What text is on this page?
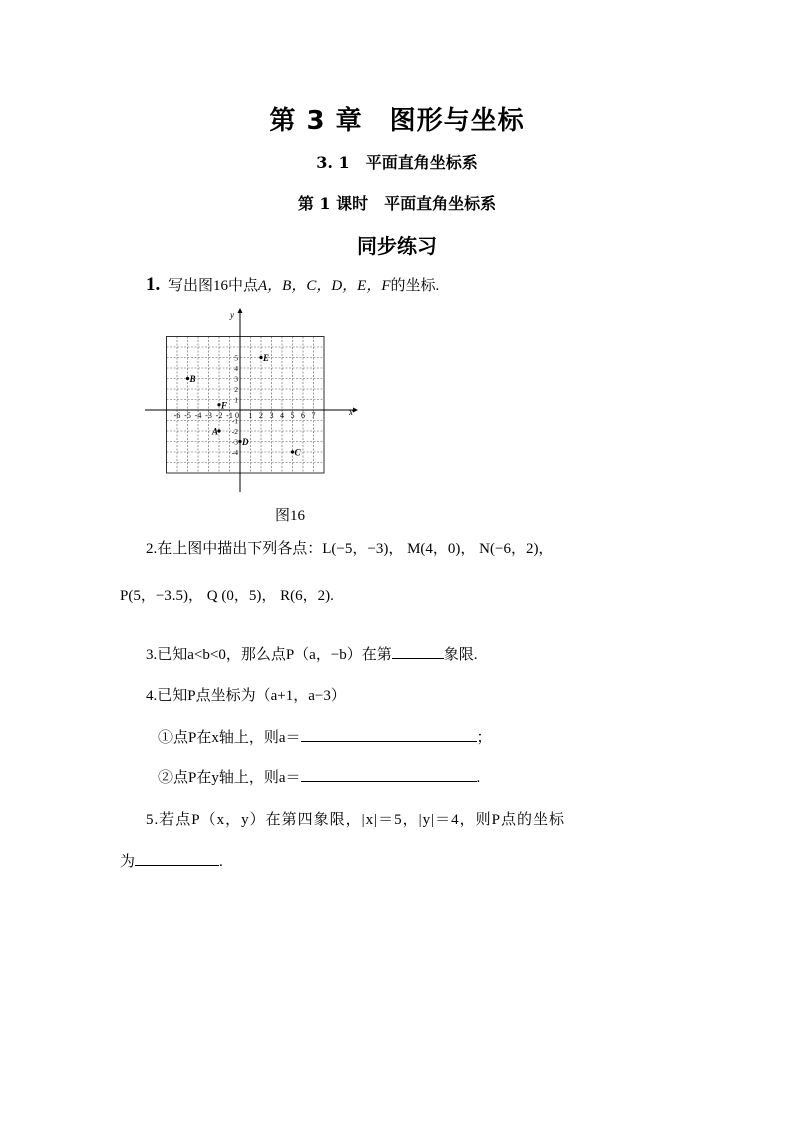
第 3 章　图形与坐标
3. 1　平面直角坐标系
第 1 课时　平面直角坐标系
同步练习
1. 写出图16中点A，B，C，D，E，F的坐标.
x
y
0
-6 -5 -4 -3 -2 -1 1 2 3 4 5 6 7
5
4
3
2
1
-1
-2
-3
-4
A
B
C
D
E
F
图16
2.在上图中描出下列各点：L(−5，−3)， M(4，0)， N(−6，2)，
P(5，−3.5)， Q (0，5)， R(6，2).
3.已知a<b<0，那么点P（a，−b）在第	象限.
4.已知P点坐标为（a+1，a−3）
①点P在x轴上，则a＝	；
②点P在y轴上，则a＝	.
5.若点P（x，y）在第四象限，|x|＝5，|y|＝4，则P点的坐标
为	.
